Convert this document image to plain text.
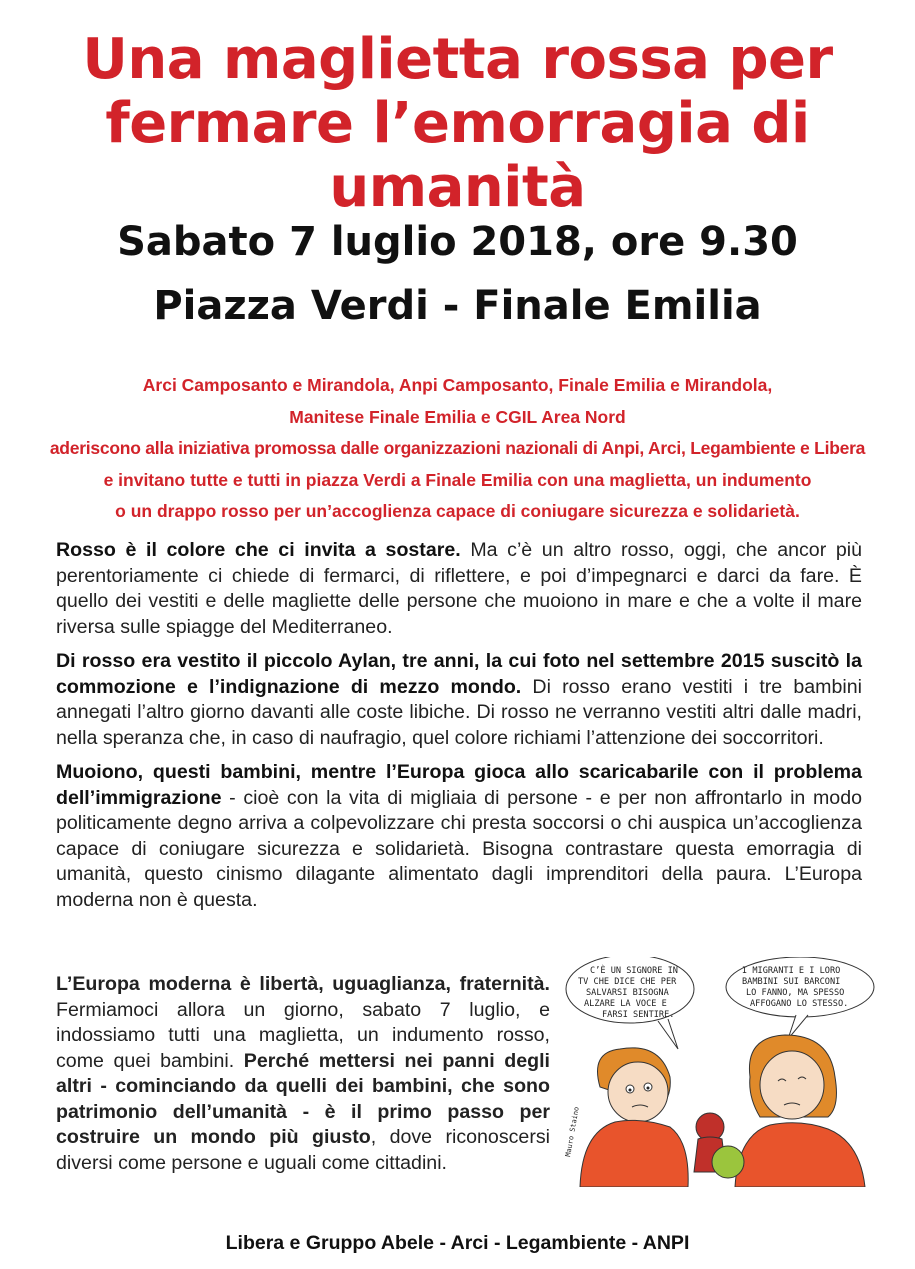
Una maglietta rossa per
fermare l’emorragia di umanità
Sabato 7 luglio 2018, ore 9.30
Piazza Verdi - Finale Emilia
Arci Camposanto e Mirandola, Anpi Camposanto, Finale Emilia e Mirandola,
Manitese Finale Emilia e CGIL Area Nord
aderiscono alla iniziativa promossa dalle organizzazioni nazionali di Anpi, Arci, Legambiente e Libera
e invitano tutte e tutti in piazza Verdi a Finale Emilia con una maglietta, un indumento
o un drappo rosso per un’accoglienza capace di coniugare sicurezza e solidarietà.

Rosso è il colore che ci invita a sostare. Ma c’è un altro rosso, oggi, che ancor più perentoriamente ci chiede di fermarci, di riflettere, e poi d’impegnarci e darci da fare. È quello dei vestiti e delle magliette delle persone che muoiono in mare e che a volte il mare riversa sulle spiagge del Mediterraneo.

Di rosso era vestito il piccolo Aylan, tre anni, la cui foto nel settembre 2015 suscitò la commozione e l’indignazione di mezzo mondo. Di rosso erano vestiti i tre bambini annegati l’altro giorno davanti alle coste libiche. Di rosso ne verranno vestiti altri dalle madri, nella speranza che, in caso di naufragio, quel colore richiami l’attenzione dei soccorritori.

Muoiono, questi bambini, mentre l’Europa gioca allo scaricabarile con il problema dell’immigrazione - cioè con la vita di migliaia di persone - e per non affrontarlo in modo politicamente degno arriva a colpevolizzare chi presta soccorsi o chi auspica un’accoglienza capace di coniugare sicurezza e solidarietà. Bisogna contrastare questa emorragia di umanità, questo cinismo dilagante alimentato dagli imprenditori della paura. L’Europa moderna non è questa.

L’Europa moderna è libertà, uguaglianza, fraternità. Fermiamoci allora un giorno, sabato 7 luglio, e indossiamo tutti una maglietta, un indumento rosso, come quei bambini. Perché mettersi nei panni degli altri - cominciando da quelli dei bambini, che sono patrimonio dell’umanità - è il primo passo per costruire un mondo più giusto, dove riconoscersi diversi come persone e uguali come cittadini.

C’È UN SIGNORE IN
TV CHE DICE CHE PER
SALVARSI BISOGNA
ALZARE LA VOCE E
FARSI SENTIRE.
I MIGRANTI E I LORO
BAMBINI SUI BARCONI
LO FANNO, MA SPESSO
AFFOGANO LO STESSO.
Mauro Staino
Libera e Gruppo Abele - Arci - Legambiente - ANPI
